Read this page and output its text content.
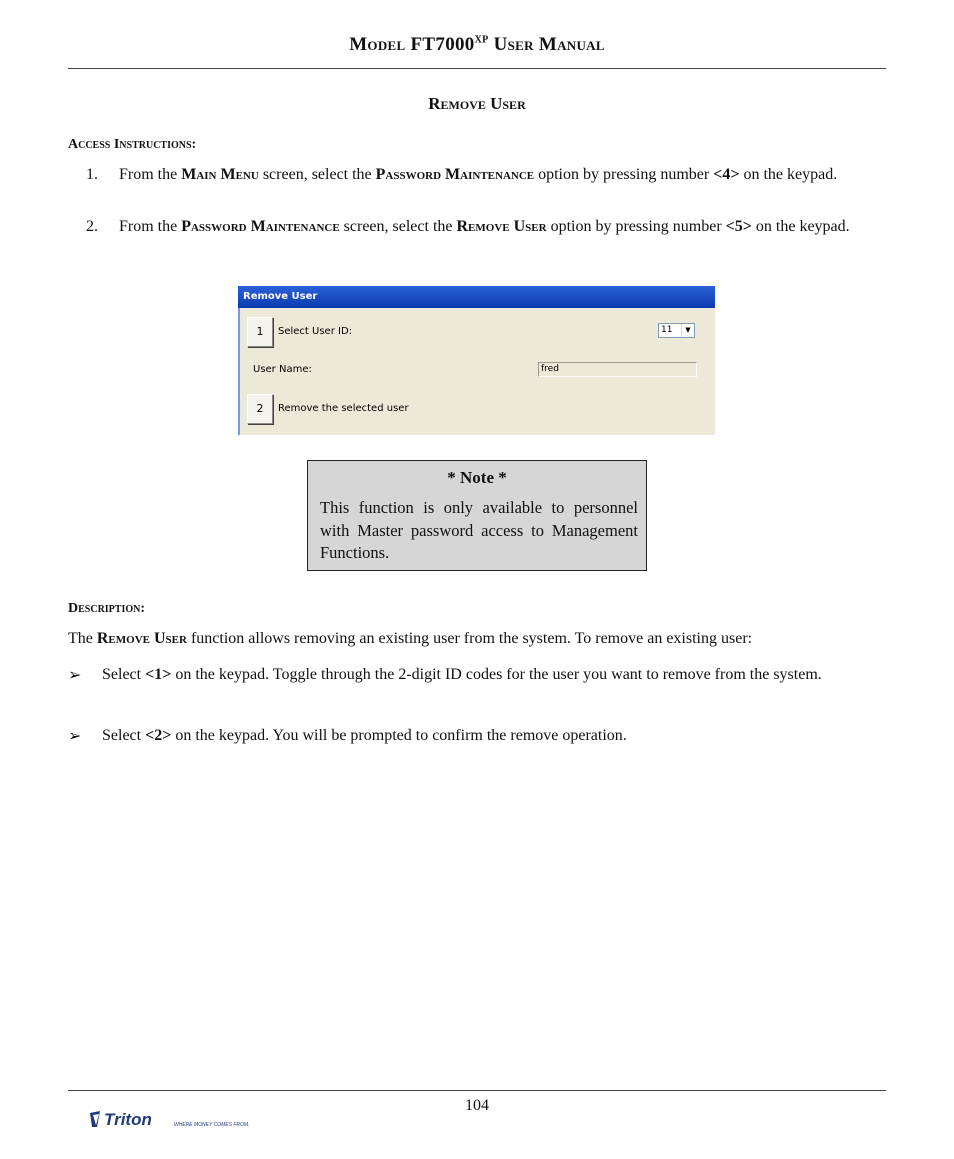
Model $FT7000^{XP}$ User Manual
Remove User
Access Instructions:
1. From the Main Menu screen, select the Password Maintenance option by pressing number <4> on the keypad.
2. From the Password Maintenance screen, select the Remove User option by pressing number <5> on the keypad.
Remove User
1	Select User ID:	11	▼
User Name:	fred
2	Remove the selected user
* Note *
This function is only available to personnel with Master password access to Management Functions.
Description:
The Remove User function allows removing an existing user from the system. To remove an existing user:
➢ Select <1> on the keypad. Toggle through the 2-digit ID codes for the user you want to remove from the system.
➢ Select <2> on the keypad. You will be prompted to confirm the remove operation.
104
Triton	WHERE MONEY COMES FROM.
